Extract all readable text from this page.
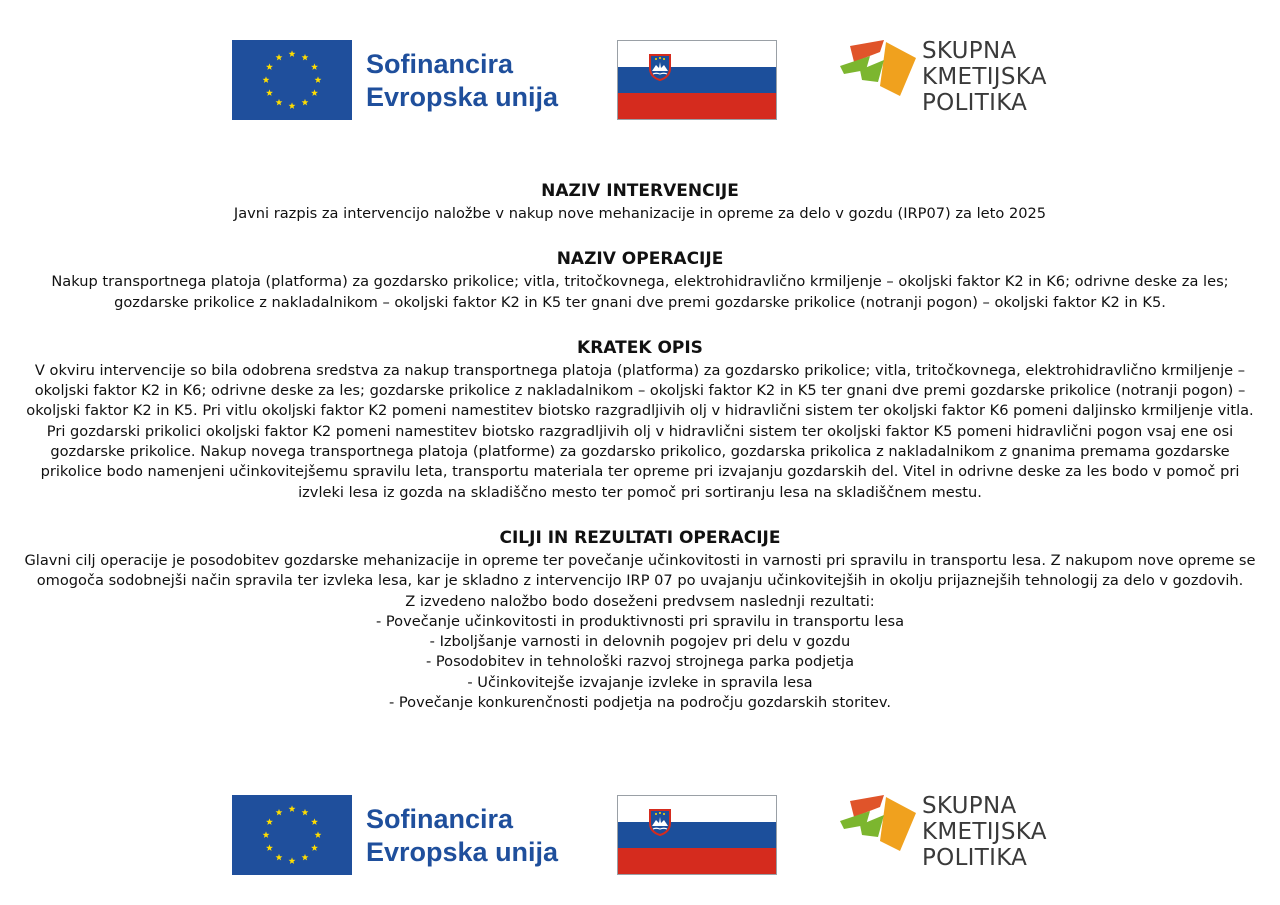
Sofinancira
Evropska unija
SKUPNA
KMETIJSKA
POLITIKA
NAZIV INTERVENCIJE

Javni razpis za intervencijo naložbe v nakup nove mehanizacije in opreme za delo v gozdu (IRP07) za leto 2025

NAZIV OPERACIJE

Nakup transportnega platoja (platforma) za gozdarsko prikolice; vitla, tritočkovnega, elektrohidravlično krmiljenje – okoljski faktor K2 in K6; odrivne deske za les; gozdarske prikolice z nakladalnikom – okoljski faktor K2 in K5 ter gnani dve premi gozdarske prikolice (notranji pogon) – okoljski faktor K2 in K5.

KRATEK OPIS

V okviru intervencije so bila odobrena sredstva za nakup transportnega platoja (platforma) za gozdarsko prikolice; vitla, tritočkovnega, elektrohidravlično krmiljenje – okoljski faktor K2 in K6; odrivne deske za les; gozdarske prikolice z nakladalnikom – okoljski faktor K2 in K5 ter gnani dve premi gozdarske prikolice (notranji pogon) – okoljski faktor K2 in K5. Pri vitlu okoljski faktor K2 pomeni namestitev biotsko razgradljivih olj v hidravlični sistem ter okoljski faktor K6 pomeni daljinsko krmiljenje vitla. Pri gozdarski prikolici okoljski faktor K2 pomeni namestitev biotsko razgradljivih olj v hidravlični sistem ter okoljski faktor K5 pomeni hidravlični pogon vsaj ene osi gozdarske prikolice. Nakup novega transportnega platoja (platforme) za gozdarsko prikolico, gozdarska prikolica z nakladalnikom z gnanima premama gozdarske prikolice bodo namenjeni učinkovitejšemu spravilu leta, transportu materiala ter opreme pri izvajanju gozdarskih del. Vitel in odrivne deske za les bodo v pomoč pri izvleki lesa iz gozda na skladiščno mesto ter pomoč pri sortiranju lesa na skladiščnem mestu.

CILJI IN REZULTATI OPERACIJE

Glavni cilj operacije je posodobitev gozdarske mehanizacije in opreme ter povečanje učinkovitosti in varnosti pri spravilu in transportu lesa. Z nakupom nove opreme se omogoča sodobnejši način spravila ter izvleka lesa, kar je skladno z intervencijo IRP 07 po uvajanju učinkovitejših in okolju prijaznejših tehnologij za delo v gozdovih.

Z izvedeno naložbo bodo doseženi predvsem naslednji rezultati:

- Povečanje učinkovitosti in produktivnosti pri spravilu in transportu lesa

- Izboljšanje varnosti in delovnih pogojev pri delu v gozdu

- Posodobitev in tehnološki razvoj strojnega parka podjetja

- Učinkovitejše izvajanje izvleke in spravila lesa

- Povečanje konkurenčnosti podjetja na področju gozdarskih storitev.

Sofinancira
Evropska unija
SKUPNA
KMETIJSKA
POLITIKA
